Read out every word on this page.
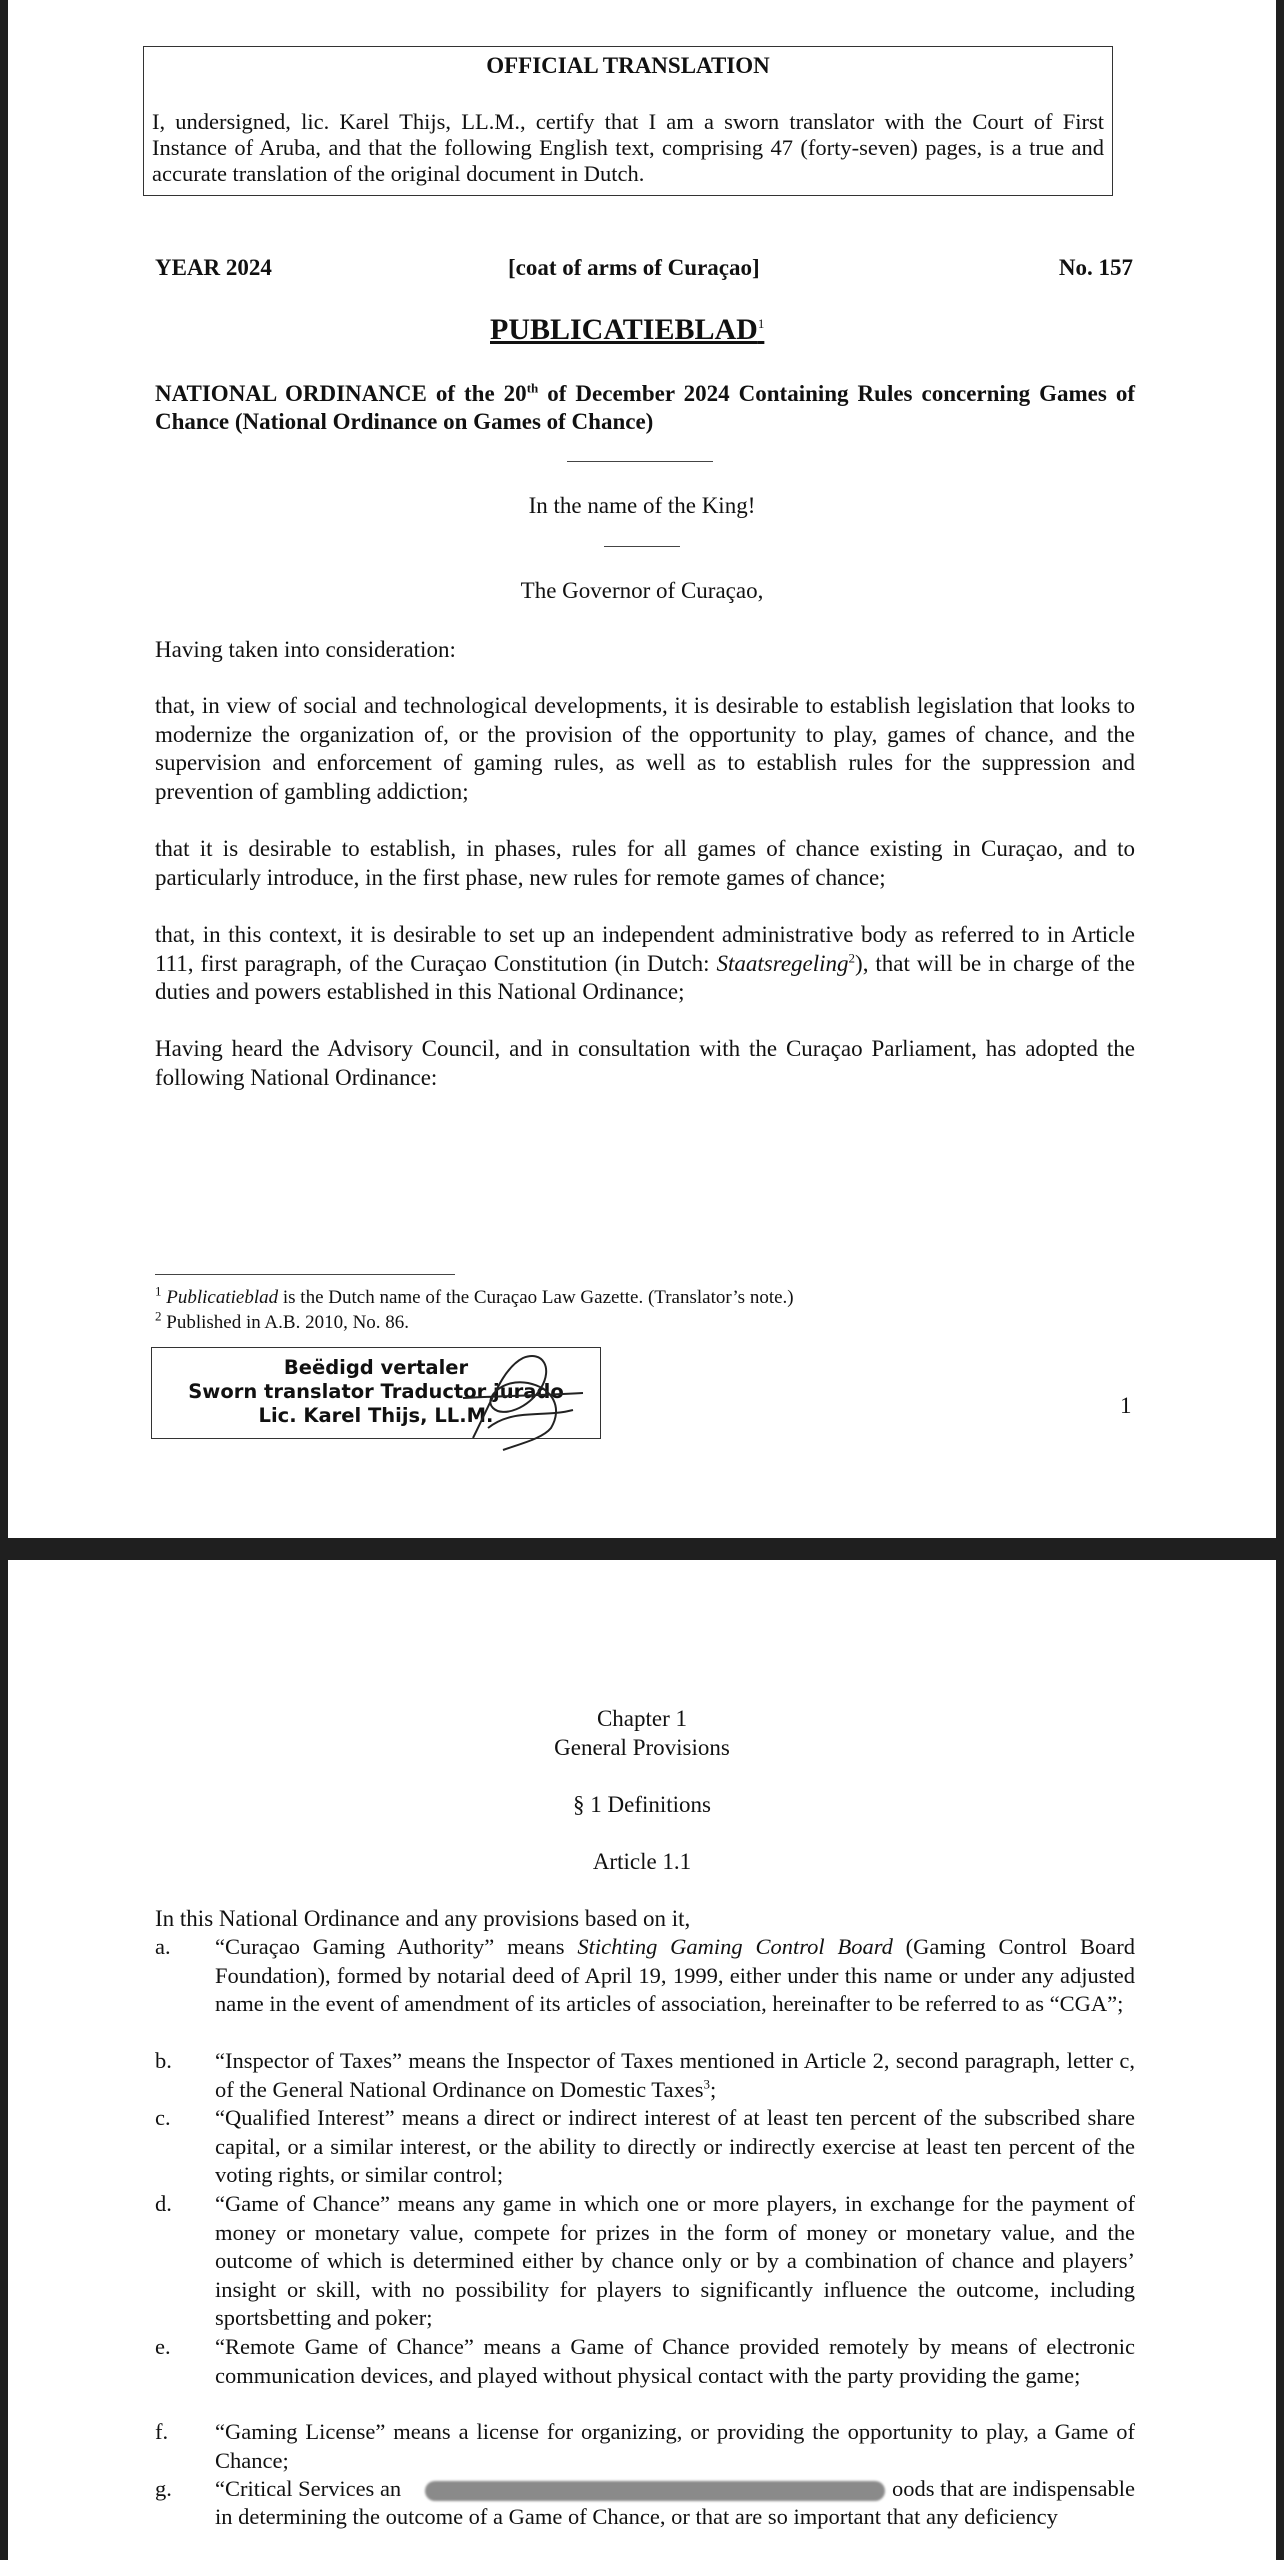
OFFICIAL TRANSLATION
I, undersigned, lic. Karel Thijs, LL.M., certify that I am a sworn translator with the Court of First Instance of Aruba, and that the following English text, comprising 47 (forty-seven) pages, is a true and accurate translation of the original document in Dutch.
YEAR 2024	[coat of arms of Curaçao]	No. 157
PUBLICATIEBLAD$^1$
NATIONAL ORDINANCE of the 20th of December 2024 Containing Rules concerning Games of Chance (National Ordinance on Games of Chance)
In the name of the King!
The Governor of Curaçao,
Having taken into consideration:
that, in view of social and technological developments, it is desirable to establish legislation that looks to modernize the organization of, or the provision of the opportunity to play, games of chance, and the supervision and enforcement of gaming rules, as well as to establish rules for the suppression and prevention of gambling addiction;
that it is desirable to establish, in phases, rules for all games of chance existing in Curaçao, and to particularly introduce, in the first phase, new rules for remote games of chance;
that, in this context, it is desirable to set up an independent administrative body as referred to in Article 111, first paragraph, of the Curaçao Constitution (in Dutch: Staatsregeling$^2$), that will be in charge of the duties and powers established in this National Ordinance;
Having heard the Advisory Council, and in consultation with the Curaçao Parliament, has adopted the following National Ordinance:
$^1$ Publicatieblad is the Dutch name of the Curaçao Law Gazette. (Translator’s note.)
$^2$ Published in A.B. 2010, No. 86.
Beëdigd vertaler
Sworn translator Traductor jurado
Lic. Karel Thijs, LL.M.	1
Chapter 1
General Provisions
§ 1 Definitions
Article 1.1
In this National Ordinance and any provisions based on it,
a. “Curaçao Gaming Authority” means Stichting Gaming Control Board (Gaming Control Board Foundation), formed by notarial deed of April 19, 1999, either under this name or under any adjusted name in the event of amendment of its articles of association, hereinafter to be referred to as “CGA”;
b. “Inspector of Taxes” means the Inspector of Taxes mentioned in Article 2, second paragraph, letter c, of the General National Ordinance on Domestic Taxes$^3$;
c. “Qualified Interest” means a direct or indirect interest of at least ten percent of the subscribed share capital, or a similar interest, or the ability to directly or indirectly exercise at least ten percent of the voting rights, or similar control;
d. “Game of Chance” means any game in which one or more players, in exchange for the payment of money or monetary value, compete for prizes in the form of money or monetary value, and the outcome of which is determined either by chance only or by a combination of chance and players’ insight or skill, with no possibility for players to significantly influence the outcome, including sportsbetting and poker;
e. “Remote Game of Chance” means a Game of Chance provided remotely by means of electronic communication devices, and played without physical contact with the party providing the game;
f. “Gaming License” means a license for organizing, or providing the opportunity to play, a Game of Chance;
g. “Critical Services an	oods that are indispensable
in determining the outcome of a Game of Chance, or that are so important that any deficiency
